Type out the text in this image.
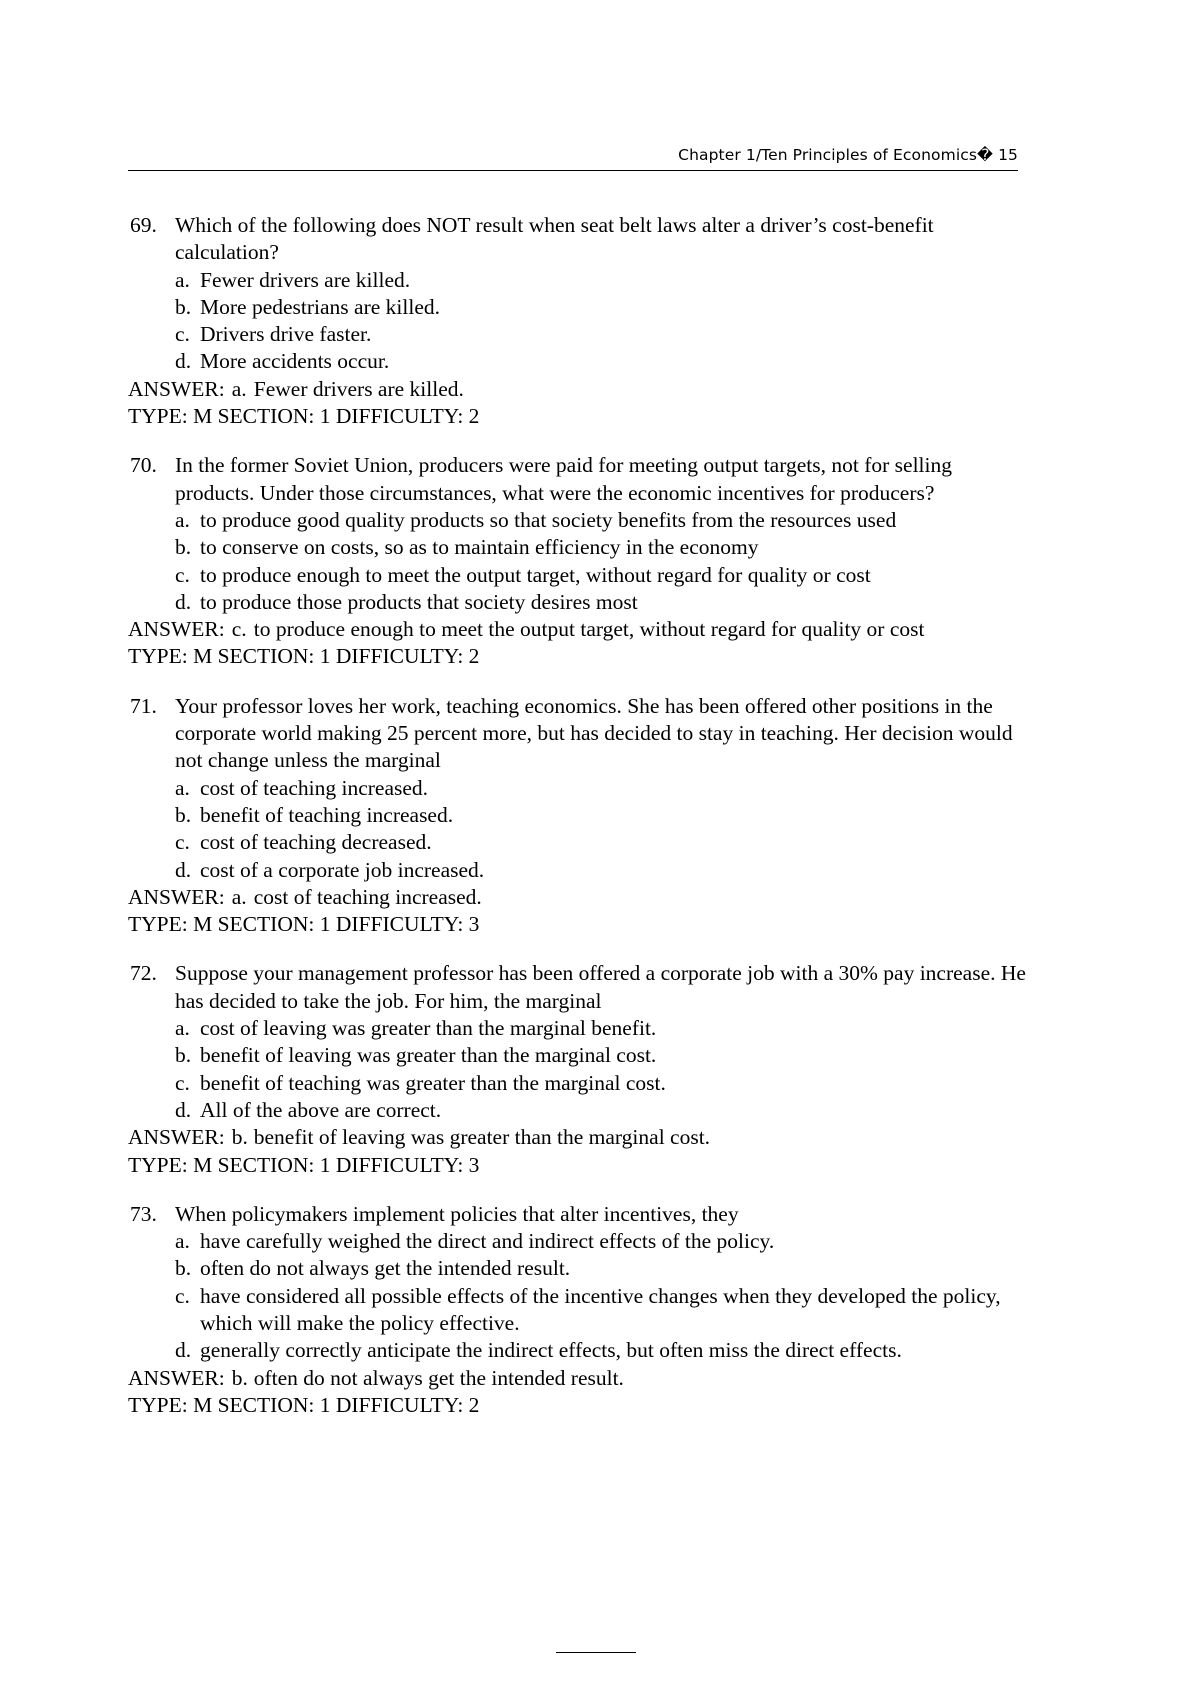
Chapter 1/Ten Principles of Economics� 15
69. Which of the following does NOT result when seat belt laws alter a driver’s cost-benefit calculation?
a. Fewer drivers are killed.
b. More pedestrians are killed.
c. Drivers drive faster.
d. More accidents occur.
ANSWER: a. Fewer drivers are killed.
TYPE: M SECTION: 1 DIFFICULTY: 2
70. In the former Soviet Union, producers were paid for meeting output targets, not for selling products. Under those circumstances, what were the economic incentives for producers?
a. to produce good quality products so that society benefits from the resources used
b. to conserve on costs, so as to maintain efficiency in the economy
c. to produce enough to meet the output target, without regard for quality or cost
d. to produce those products that society desires most
ANSWER: c. to produce enough to meet the output target, without regard for quality or cost
TYPE: M SECTION: 1 DIFFICULTY: 2
71. Your professor loves her work, teaching economics. She has been offered other positions in the corporate world making 25 percent more, but has decided to stay in teaching. Her decision would not change unless the marginal
a. cost of teaching increased.
b. benefit of teaching increased.
c. cost of teaching decreased.
d. cost of a corporate job increased.
ANSWER: a. cost of teaching increased.
TYPE: M SECTION: 1 DIFFICULTY: 3
72. Suppose your management professor has been offered a corporate job with a 30% pay increase. He has decided to take the job. For him, the marginal
a. cost of leaving was greater than the marginal benefit.
b. benefit of leaving was greater than the marginal cost.
c. benefit of teaching was greater than the marginal cost.
d. All of the above are correct.
ANSWER: b. benefit of leaving was greater than the marginal cost.
TYPE: M SECTION: 1 DIFFICULTY: 3
73. When policymakers implement policies that alter incentives, they
a. have carefully weighed the direct and indirect effects of the policy.
b. often do not always get the intended result.
c. have considered all possible effects of the incentive changes when they developed the policy, which will make the policy effective.
d. generally correctly anticipate the indirect effects, but often miss the direct effects.
ANSWER: b. often do not always get the intended result.
TYPE: M SECTION: 1 DIFFICULTY: 2
